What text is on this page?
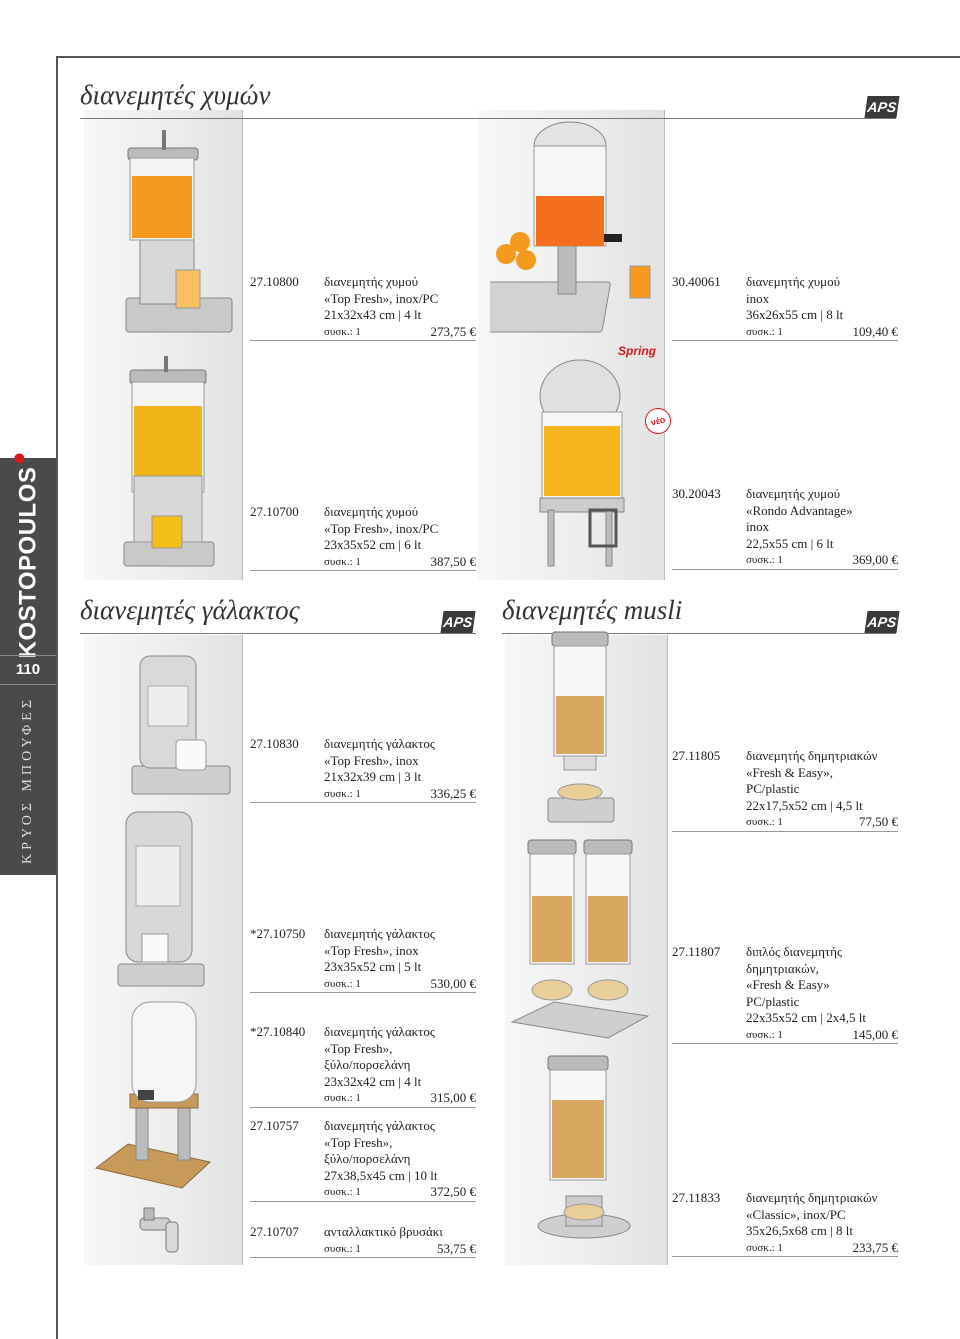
KOSTOPOULOS
110
ΚΡΥΟΣ ΜΠΟΥΦΕΣ
διανεμητές χυμών	APS
διανεμητές γάλακτος	APS διανεμητές musli	APS
Spring
νέο
27.10800	διανεμητής χυμού
«Top Fresh», inox/PC
21x32x43 cm | 4 lt
συσκ.: 1	273,75 €
30.40061	διανεμητής χυμού
inox
36x26x55 cm | 8 lt
συσκ.: 1	109,40 €
27.10700	διανεμητής χυμού
«Top Fresh», inox/PC
23x35x52 cm | 6 lt
συσκ.: 1	387,50 €
30.20043	διανεμητής χυμού
«Rondo Advantage»
inox
22,5x55 cm | 6 lt
συσκ.: 1	369,00 €
27.10830	διανεμητής γάλακτος
«Top Fresh», inox
21x32x39 cm | 3 lt
συσκ.: 1	336,25 €
27.11805	διανεμητής δημητριακών
«Fresh & Easy»,
PC/plastic
22x17,5x52 cm | 4,5 lt
συσκ.: 1	77,50 €
*27.10750	διανεμητής γάλακτος
«Top Fresh», inox
23x35x52 cm | 5 lt
συσκ.: 1	530,00 €
27.11807	διπλός διανεμητής
δημητριακών,
«Fresh & Easy»
PC/plastic
22x35x52 cm | 2x4,5 lt
συσκ.: 1	145,00 €
*27.10840	διανεμητής γάλακτος
«Top Fresh»,
ξύλο/πορσελάνη
23x32x42 cm | 4 lt
συσκ.: 1	315,00 €
27.10757	διανεμητής γάλακτος
«Top Fresh»,
ξύλο/πορσελάνη
27x38,5x45 cm | 10 lt
συσκ.: 1	372,50 €
27.10707	ανταλλακτικό βρυσάκι
συσκ.: 1	53,75 €
27.11833	διανεμητής δημητριακών
«Classic», inox/PC
35x26,5x68 cm | 8 lt
συσκ.: 1	233,75 €
